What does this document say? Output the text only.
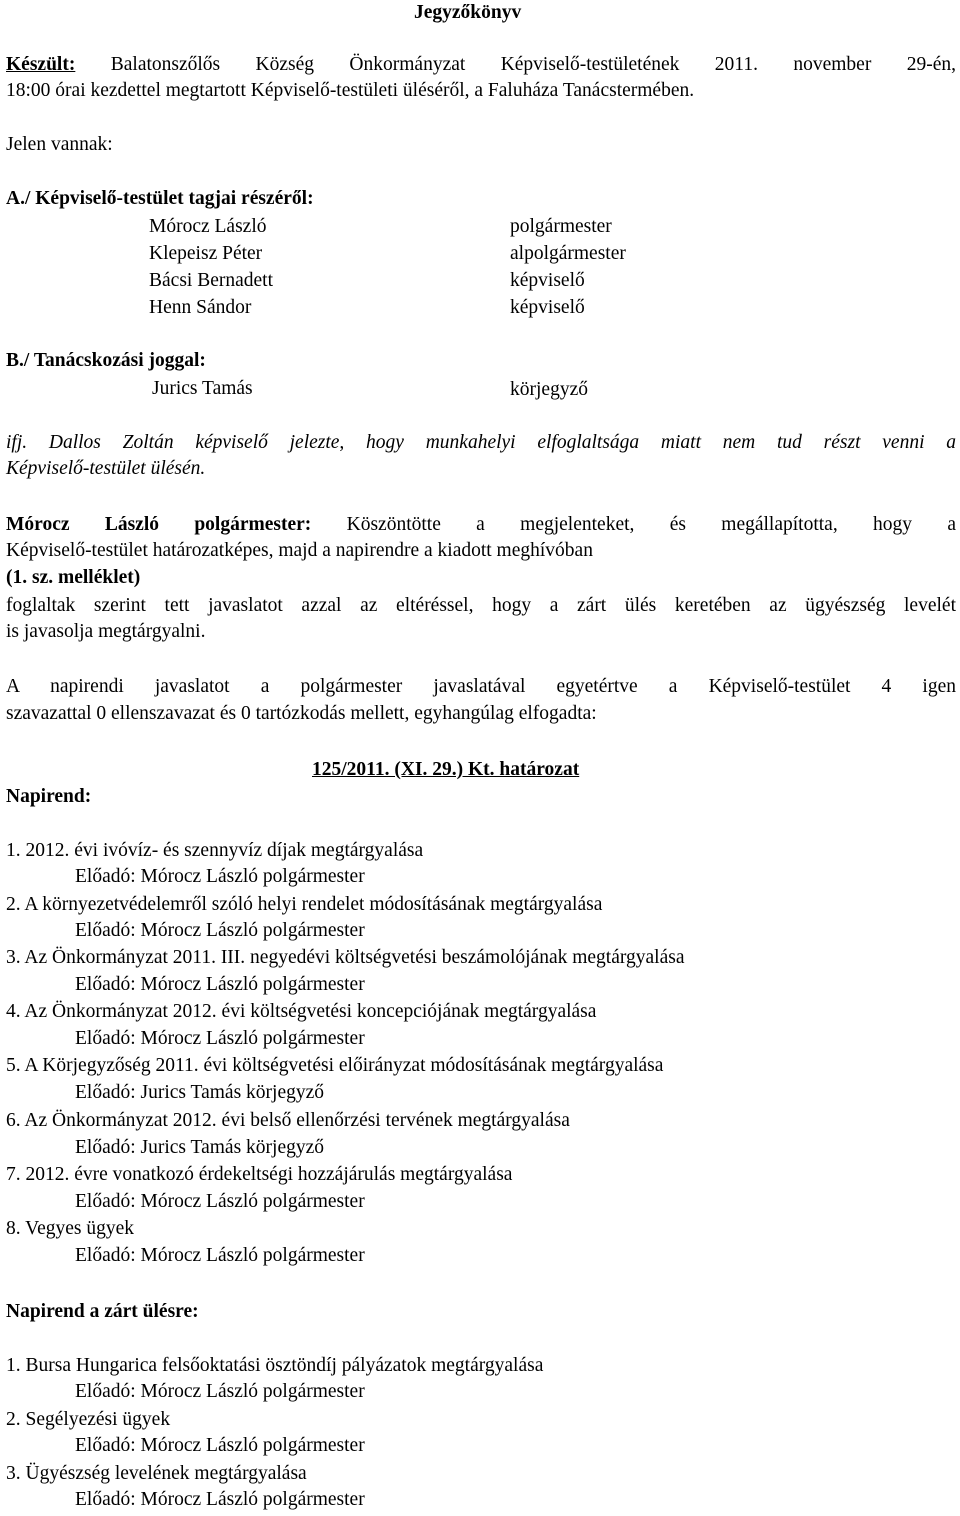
Jegyzőkönyv
Készült: Balatonszőlős Község Önkormányzat Képviselő-testületének 2011. november 29-én,
18:00 órai kezdettel megtartott Képviselő-testületi üléséről, a Faluháza Tanácstermében.
Jelen vannak:
A./ Képviselő-testület tagjai részéről:
Mórocz László	polgármester
Klepeisz Péter	alpolgármester
Bácsi Bernadett	képviselő
Henn Sándor	képviselő
B./ Tanácskozási joggal:
Jurics Tamás	körjegyző
ifj. Dallos Zoltán képviselő jelezte, hogy munkahelyi elfoglaltsága miatt nem tud részt venni a
Képviselő-testület ülésén.
Mórocz László polgármester: Köszöntötte a megjelenteket, és megállapította, hogy a
Képviselő-testület határozatképes, majd a napirendre a kiadott meghívóban
(1. sz. melléklet)
foglaltak szerint tett javaslatot azzal az eltéréssel, hogy a zárt ülés keretében az ügyészség levelét
is javasolja megtárgyalni.
A napirendi javaslatot a polgármester javaslatával egyetértve a Képviselő-testület 4 igen
szavazattal 0 ellenszavazat és 0 tartózkodás mellett, egyhangúlag elfogadta:
125/2011. (XI. 29.) Kt. határozat
Napirend:
1. 2012. évi ivóvíz- és szennyvíz díjak megtárgyalása
Előadó: Mórocz László polgármester
2. A környezetvédelemről szóló helyi rendelet módosításának megtárgyalása
Előadó: Mórocz László polgármester
3. Az Önkormányzat 2011. III. negyedévi költségvetési beszámolójának megtárgyalása
Előadó: Mórocz László polgármester
4. Az Önkormányzat 2012. évi költségvetési koncepciójának megtárgyalása
Előadó: Mórocz László polgármester
5. A Körjegyzőség 2011. évi költségvetési előirányzat módosításának megtárgyalása
Előadó: Jurics Tamás körjegyző
6. Az Önkormányzat 2012. évi belső ellenőrzési tervének megtárgyalása
Előadó: Jurics Tamás körjegyző
7. 2012. évre vonatkozó érdekeltségi hozzájárulás megtárgyalása
Előadó: Mórocz László polgármester
8. Vegyes ügyek
Előadó: Mórocz László polgármester
Napirend a zárt ülésre:
1. Bursa Hungarica felsőoktatási ösztöndíj pályázatok megtárgyalása
Előadó: Mórocz László polgármester
2. Segélyezési ügyek
Előadó: Mórocz László polgármester
3. Ügyészség levelének megtárgyalása
Előadó: Mórocz László polgármester
